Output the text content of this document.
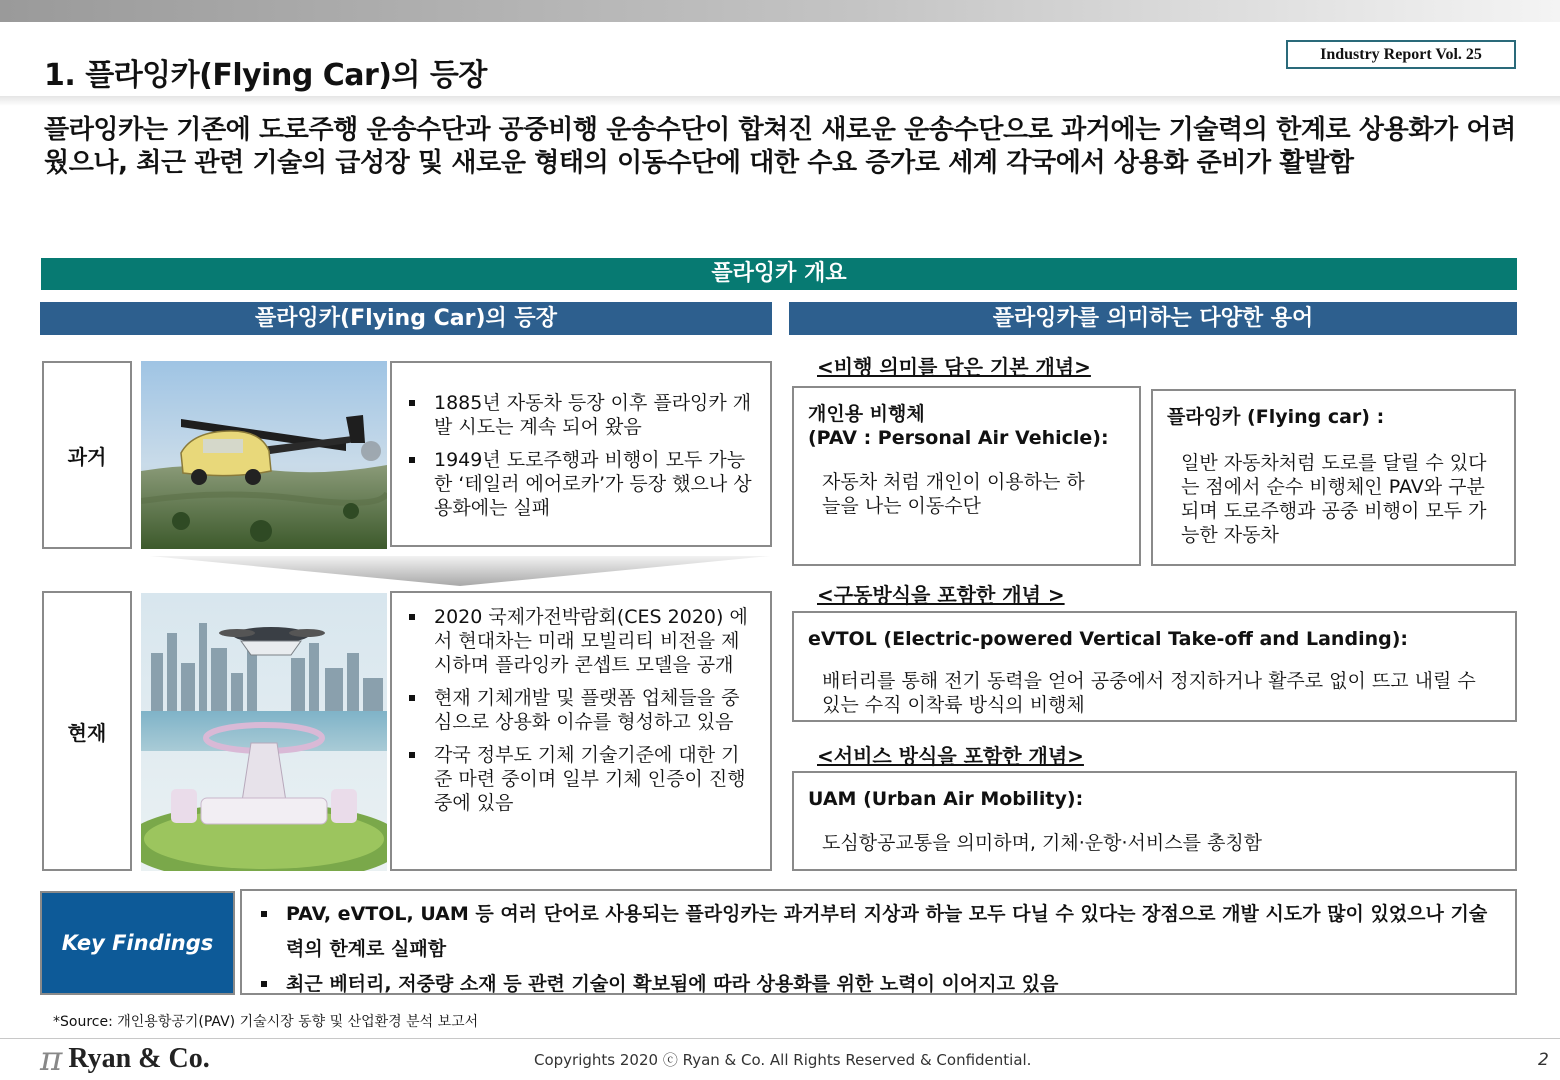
1. 플라잉카(Flying Car)의 등장
Industry Report Vol. 25
플라잉카는 기존에 도로주행 운송수단과 공중비행 운송수단이 합쳐진 새로운 운송수단으로 과거에는 기술력의 한계로 상용화가 어려웠으나, 최근 관련 기술의 급성장 및 새로운 형태의 이동수단에 대한 수요 증가로 세계 각국에서 상용화 준비가 활발함
플라잉카 개요
플라잉카(Flying Car)의 등장	플라잉카를 의미하는 다양한 용어
과거
1885년 자동차 등장 이후 플라잉카 개발 시도는 계속 되어 왔음
1949년 도로주행과 비행이 모두 가능한 ‘테일러 에어로카’가 등장 했으나 상용화에는 실패
현재
2020 국제가전박람회(CES 2020) 에서 현대차는 미래 모빌리티 비전을 제시하며 플라잉카 콘셉트 모델을 공개
현재 기체개발 및 플랫폼 업체들을 중심으로 상용화 이슈를 형성하고 있음
각국 정부도 기체 기술기준에 대한 기준 마련 중이며 일부 기체 인증이 진행 중에 있음
<비행 의미를 담은 기본 개념>
개인용 비행체
(PAV : Personal Air Vehicle):
자동차 처럼 개인이 이용하는 하늘을 나는 이동수단
플라잉카 (Flying car) :
일반 자동차처럼 도로를 달릴 수 있다는 점에서 순수 비행체인 PAV와 구분되며 도로주행과 공중 비행이 모두 가능한 자동차
<구동방식을 포함한 개념 >
eVTOL (Electric-powered Vertical Take-off and Landing):
배터리를 통해 전기 동력을 얻어 공중에서 정지하거나 활주로 없이 뜨고 내릴 수 있는 수직 이착륙 방식의 비행체
<서비스 방식을 포함한 개념>
UAM (Urban Air Mobility):
도심항공교통을 의미하며, 기체·운항·서비스를 총칭함
Key Findings
PAV, eVTOL, UAM 등 여러 단어로 사용되는 플라잉카는 과거부터 지상과 하늘 모두 다닐 수 있다는 장점으로 개발 시도가 많이 있었으나 기술력의 한계로 실패함
최근 베터리, 저중량 소재 등 관련 기술이 확보됨에 따라 상용화를 위한 노력이 이어지고 있음
*Source: 개인용항공기(PAV) 기술시장 동향 및 산업환경 분석 보고서
π Ryan & Co.	Copyrights 2020 ⓒ Ryan & Co. All Rights Reserved & Confidential.	2
